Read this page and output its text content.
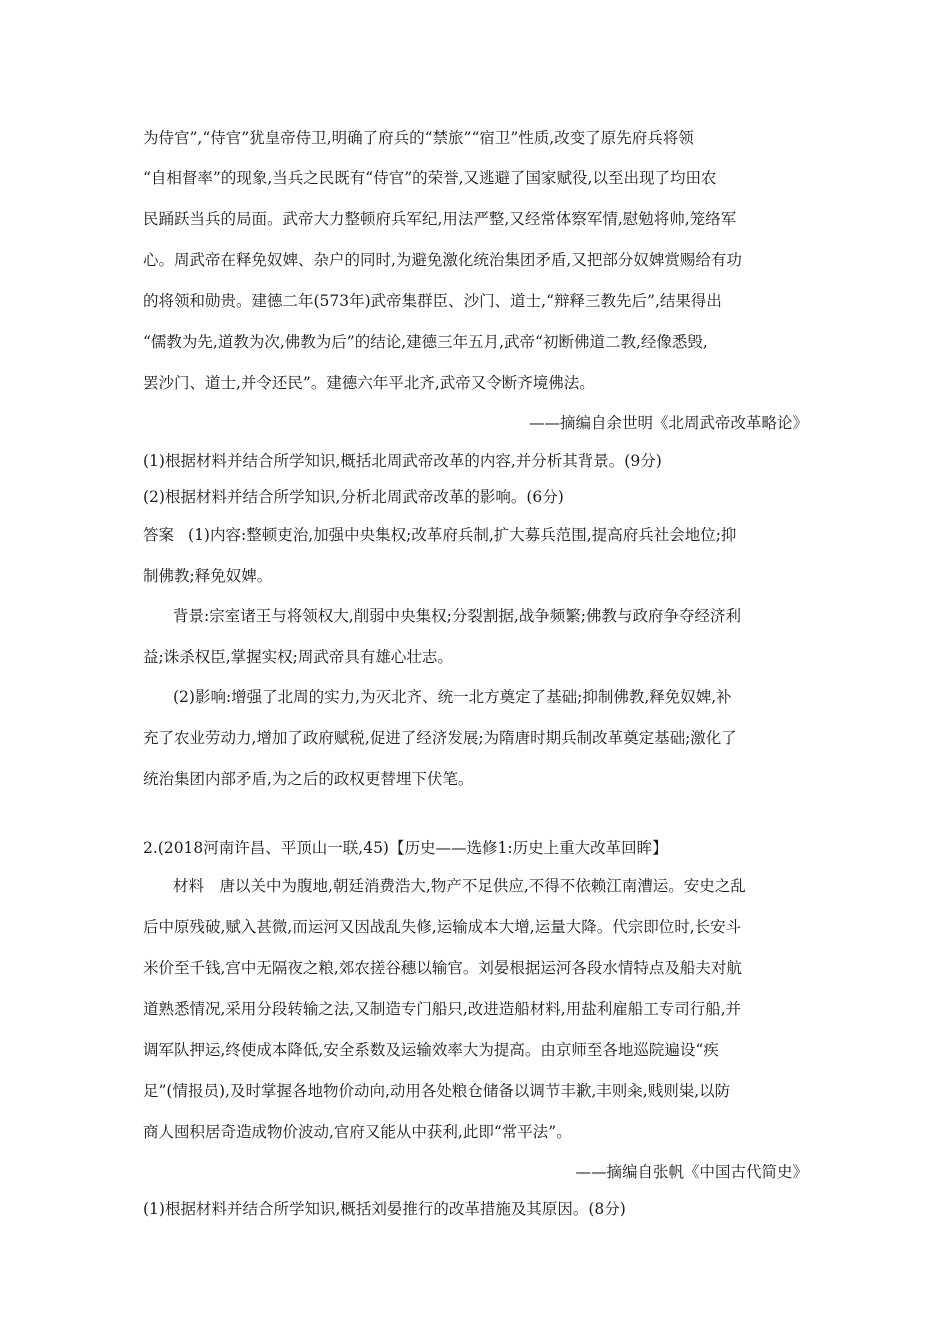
为侍官”,“侍官”犹皇帝侍卫,明确了府兵的“禁旅”“宿卫”性质,改变了原先府兵将领
“自相督率”的现象,当兵之民既有“侍官”的荣誉,又逃避了国家赋役,以至出现了均田农
民踊跃当兵的局面。武帝大力整顿府兵军纪,用法严整,又经常体察军情,慰勉将帅,笼络军
心。周武帝在释免奴婢、杂户的同时,为避免激化统治集团矛盾,又把部分奴婢赏赐给有功
的将领和勋贵。建德二年(573年)武帝集群臣、沙门、道士,“辩释三教先后”,结果得出
“儒教为先,道教为次,佛教为后”的结论,建德三年五月,武帝“初断佛道二教,经像悉毁,
罢沙门、道士,并令还民”。建德六年平北齐,武帝又令断齐境佛法。
——摘编自余世明《北周武帝改革略论》
(1)根据材料并结合所学知识,概括北周武帝改革的内容,并分析其背景。(9分)
(2)根据材料并结合所学知识,分析北周武帝改革的影响。(6分)
答案 (1)内容:整顿吏治,加强中央集权;改革府兵制,扩大募兵范围,提高府兵社会地位;抑
制佛教;释免奴婢。
背景:宗室诸王与将领权大,削弱中央集权;分裂割据,战争频繁;佛教与政府争夺经济利
益;诛杀权臣,掌握实权;周武帝具有雄心壮志。
(2)影响:增强了北周的实力,为灭北齐、统一北方奠定了基础;抑制佛教,释免奴婢,补
充了农业劳动力,增加了政府赋税,促进了经济发展;为隋唐时期兵制改革奠定基础;激化了
统治集团内部矛盾,为之后的政权更替埋下伏笔。
2.(2018河南许昌、平顶山一联,45)【历史——选修1:历史上重大改革回眸】
材料　唐以关中为腹地,朝廷消费浩大,物产不足供应,不得不依赖江南漕运。安史之乱
后中原残破,赋入甚微,而运河又因战乱失修,运输成本大增,运量大降。代宗即位时,长安斗
米价至千钱,宫中无隔夜之粮,郊农搓谷穗以输官。刘晏根据运河各段水情特点及船夫对航
道熟悉情况,采用分段转输之法,又制造专门船只,改进造船材料,用盐利雇船工专司行船,并
调军队押运,终使成本降低,安全系数及运输效率大为提高。由京师至各地巡院遍设“疾
足”(情报员),及时掌握各地物价动向,动用各处粮仓储备以调节丰歉,丰则籴,贱则粜,以防
商人囤积居奇造成物价波动,官府又能从中获利,此即“常平法”。
——摘编自张帆《中国古代简史》
(1)根据材料并结合所学知识,概括刘晏推行的改革措施及其原因。(8分)
